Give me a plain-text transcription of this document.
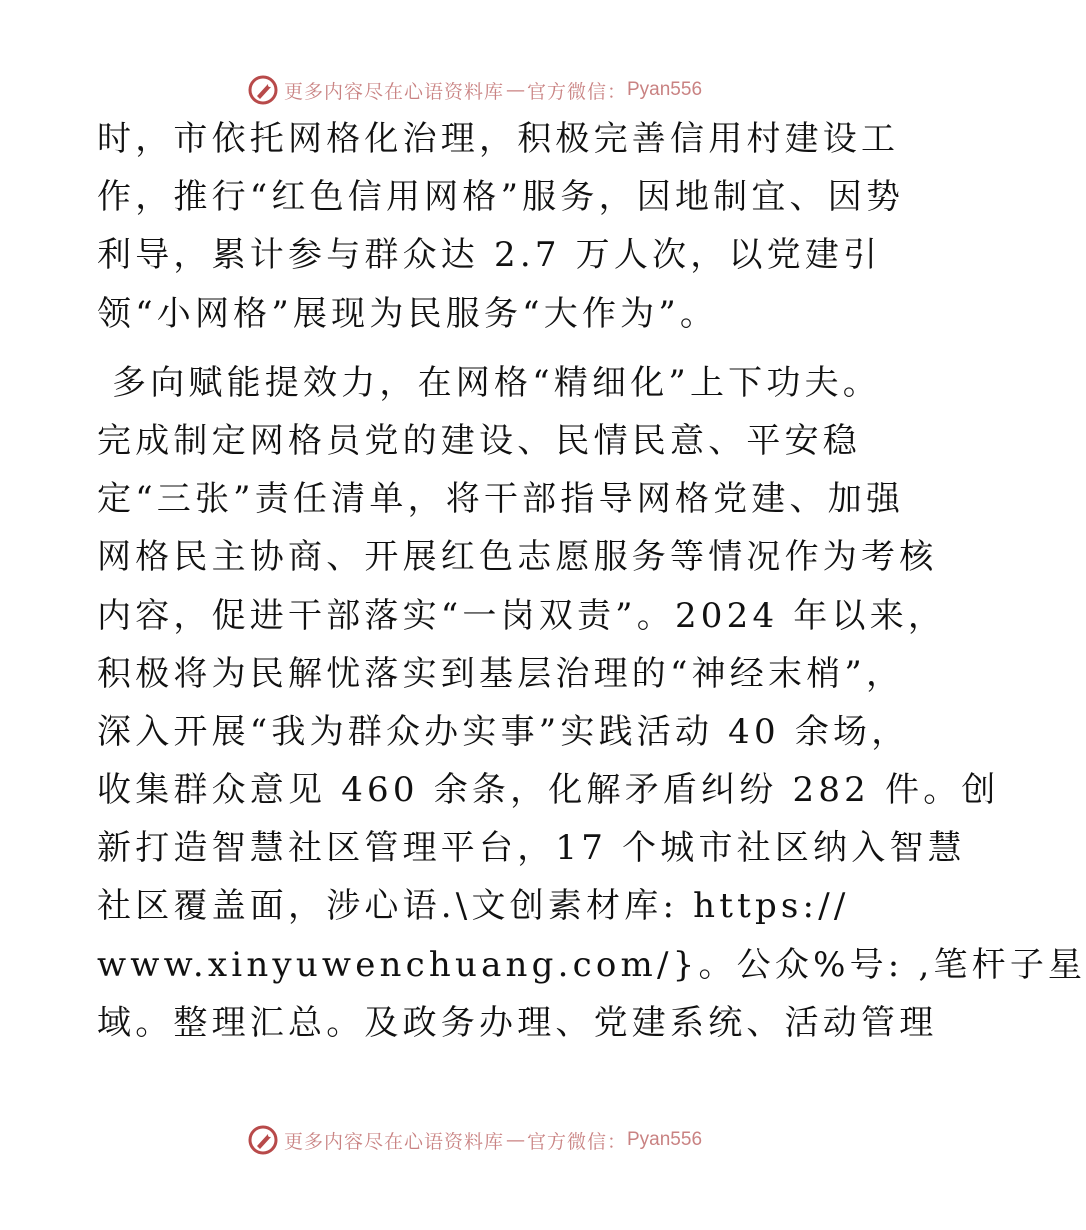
更多内容尽在心语资料库 — 官方微信： Pyan556
时，市依托网格化治理，积极完善信用村建设工
作，推行“红色信用网格”服务，因地制宜、因势
利导，累计参与群众达 2.7 万人次，以党建引
领“小网格”展现为民服务“大作为”。
多向赋能提效力，在网格“精细化”上下功夫。
完成制定网格员党的建设、民情民意、平安稳
定“三张”责任清单，将干部指导网格党建、加强
网格民主协商、开展红色志愿服务等情况作为考核
内容，促进干部落实“一岗双责”。2024 年以来，
积极将为民解忧落实到基层治理的“神经末梢”，
深入开展“我为群众办实事”实践活动 40 余场，
收集群众意见 460 余条，化解矛盾纠纷 282 件。创
新打造智慧社区管理平台，17 个城市社区纳入智慧
社区覆盖面，涉心语.\文创素材库: https://
www.xinyuwenchuang.com/}。公众%号: ,笔杆子星
域。整理汇总。及政务办理、党建系统、活动管理
更多内容尽在心语资料库 — 官方微信： Pyan556
